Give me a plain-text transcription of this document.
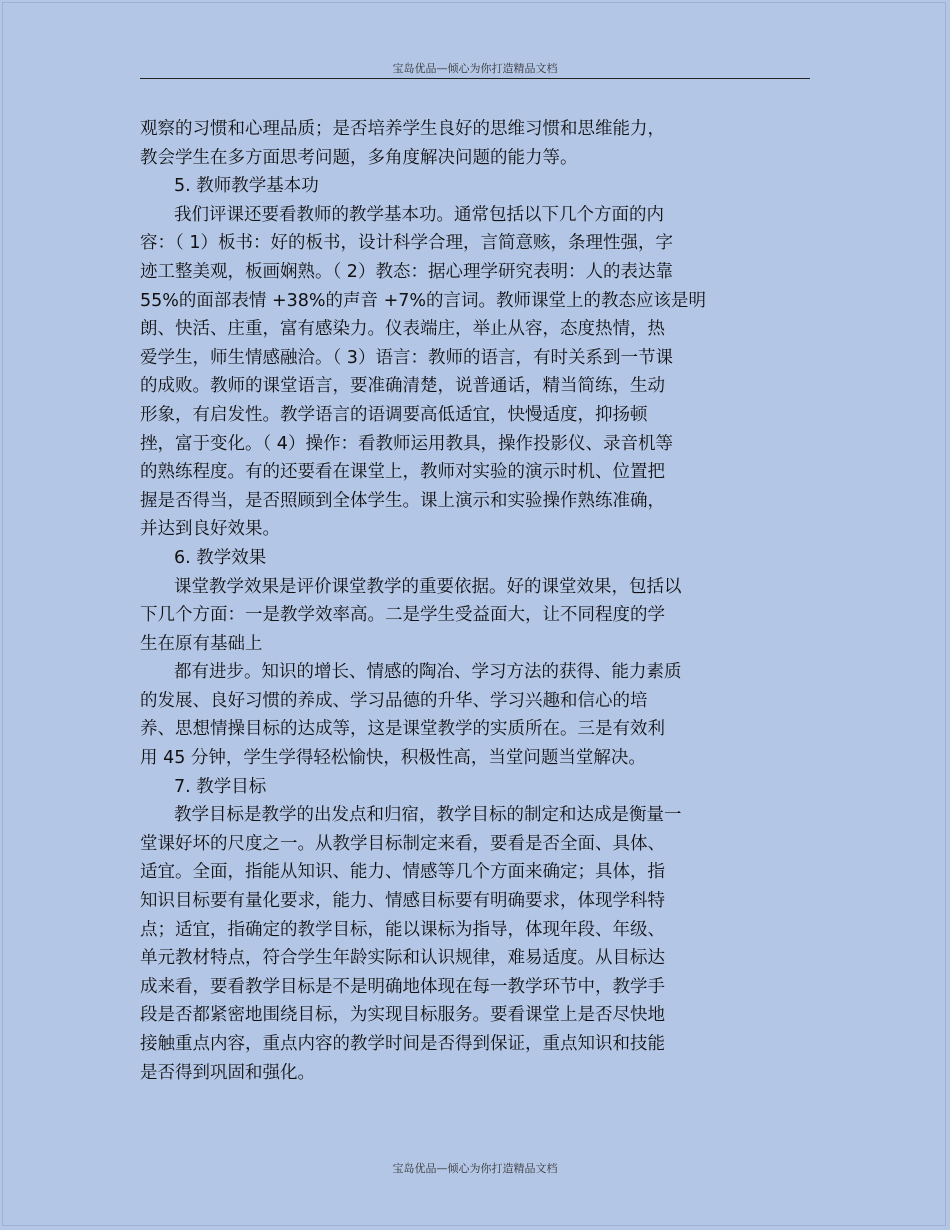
宝岛优品—倾心为你打造精品文档
观察的习惯和心理品质；是否培养学生良好的思维习惯和思维能力，
教会学生在多方面思考问题，多角度解决问题的能力等。
5. 教师教学基本功
我们评课还要看教师的教学基本功。通常包括以下几个方面的内
容：（ 1）板书：好的板书，设计科学合理，言简意赅，条理性强，字
迹工整美观，板画娴熟。（ 2）教态：据心理学研究表明：人的表达靠
55%的面部表情 +38%的声音 +7%的言词。教师课堂上的教态应该是明
朗、快活、庄重，富有感染力。仪表端庄，举止从容，态度热情，热
爱学生，师生情感融洽。（ 3）语言：教师的语言，有时关系到一节课
的成败。教师的课堂语言，要准确清楚，说普通话，精当简练，生动
形象，有启发性。教学语言的语调要高低适宜，快慢适度，抑扬顿
挫，富于变化。（ 4）操作：看教师运用教具，操作投影仪、录音机等
的熟练程度。有的还要看在课堂上，教师对实验的演示时机、位置把
握是否得当，是否照顾到全体学生。课上演示和实验操作熟练准确，
并达到良好效果。
6. 教学效果
课堂教学效果是评价课堂教学的重要依据。好的课堂效果，包括以
下几个方面：一是教学效率高。二是学生受益面大，让不同程度的学
生在原有基础上
都有进步。知识的增长、情感的陶冶、学习方法的获得、能力素质
的发展、良好习惯的养成、学习品德的升华、学习兴趣和信心的培
养、思想情操目标的达成等，这是课堂教学的实质所在。三是有效利
用 45 分钟，学生学得轻松愉快，积极性高，当堂问题当堂解决。
7. 教学目标
教学目标是教学的出发点和归宿，教学目标的制定和达成是衡量一
堂课好坏的尺度之一。从教学目标制定来看，要看是否全面、具体、
适宜。全面，指能从知识、能力、情感等几个方面来确定；具体，指
知识目标要有量化要求，能力、情感目标要有明确要求，体现学科特
点；适宜，指确定的教学目标，能以课标为指导，体现年段、年级、
单元教材特点，符合学生年龄实际和认识规律，难易适度。从目标达
成来看，要看教学目标是不是明确地体现在每一教学环节中，教学手
段是否都紧密地围绕目标，为实现目标服务。要看课堂上是否尽快地
接触重点内容，重点内容的教学时间是否得到保证，重点知识和技能
是否得到巩固和强化。
宝岛优品—倾心为你打造精品文档
